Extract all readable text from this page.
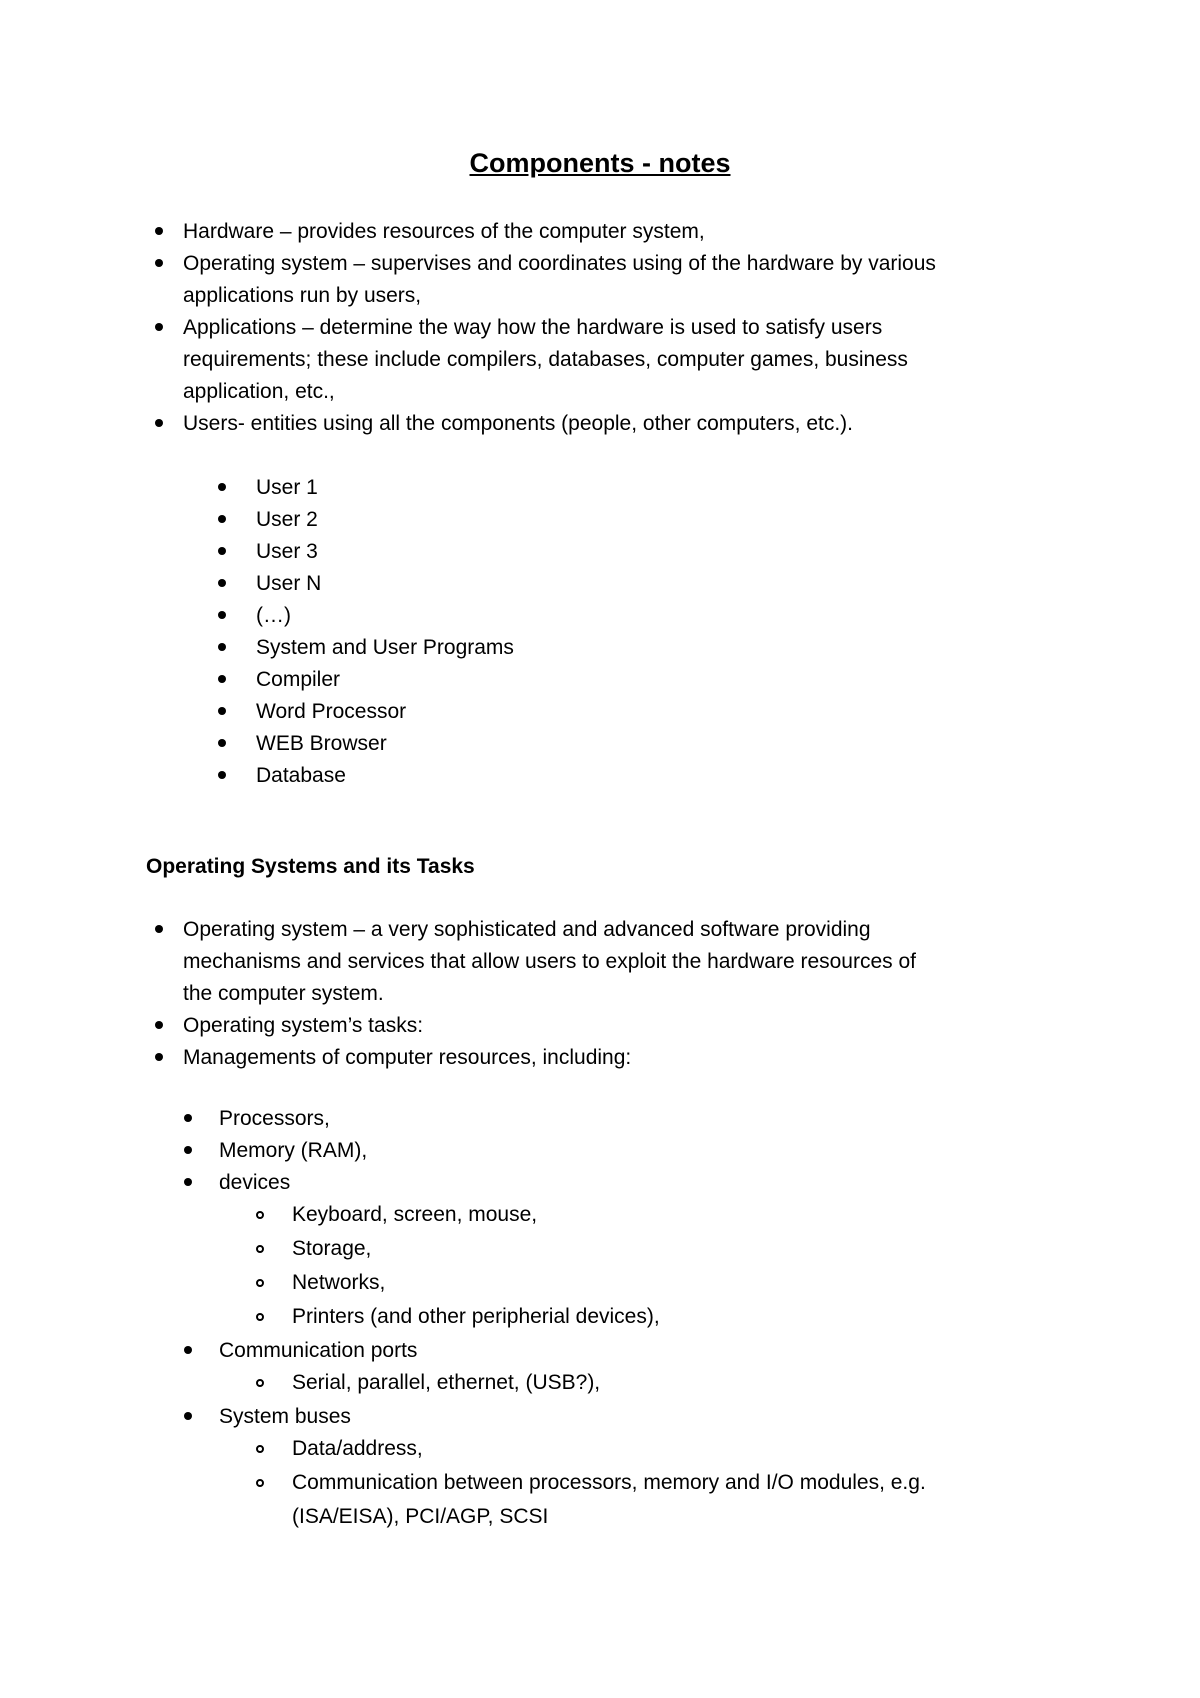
Components - notes
Hardware – provides resources of the computer system,
Operating system – supervises and coordinates using of the hardware by various
applications run by users,
Applications – determine the way how the hardware is used to satisfy users
requirements; these include compilers, databases, computer games, business
application, etc.,
Users- entities using all the components (people, other computers, etc.).
User 1
User 2
User 3
User N
(…)
System and User Programs
Compiler
Word Processor
WEB Browser
Database
Operating Systems and its Tasks
Operating system – a very sophisticated and advanced software providing
mechanisms and services that allow users to exploit the hardware resources of
the computer system.
Operating system’s tasks:
Managements of computer resources, including:
Processors,
Memory (RAM),
devices
Keyboard, screen, mouse,
Storage,
Networks,
Printers (and other peripherial devices),
Communication ports
Serial, parallel, ethernet, (USB?),
System buses
Data/address,
Communication between processors, memory and I/O modules, e.g.
(ISA/EISA), PCI/AGP, SCSI
